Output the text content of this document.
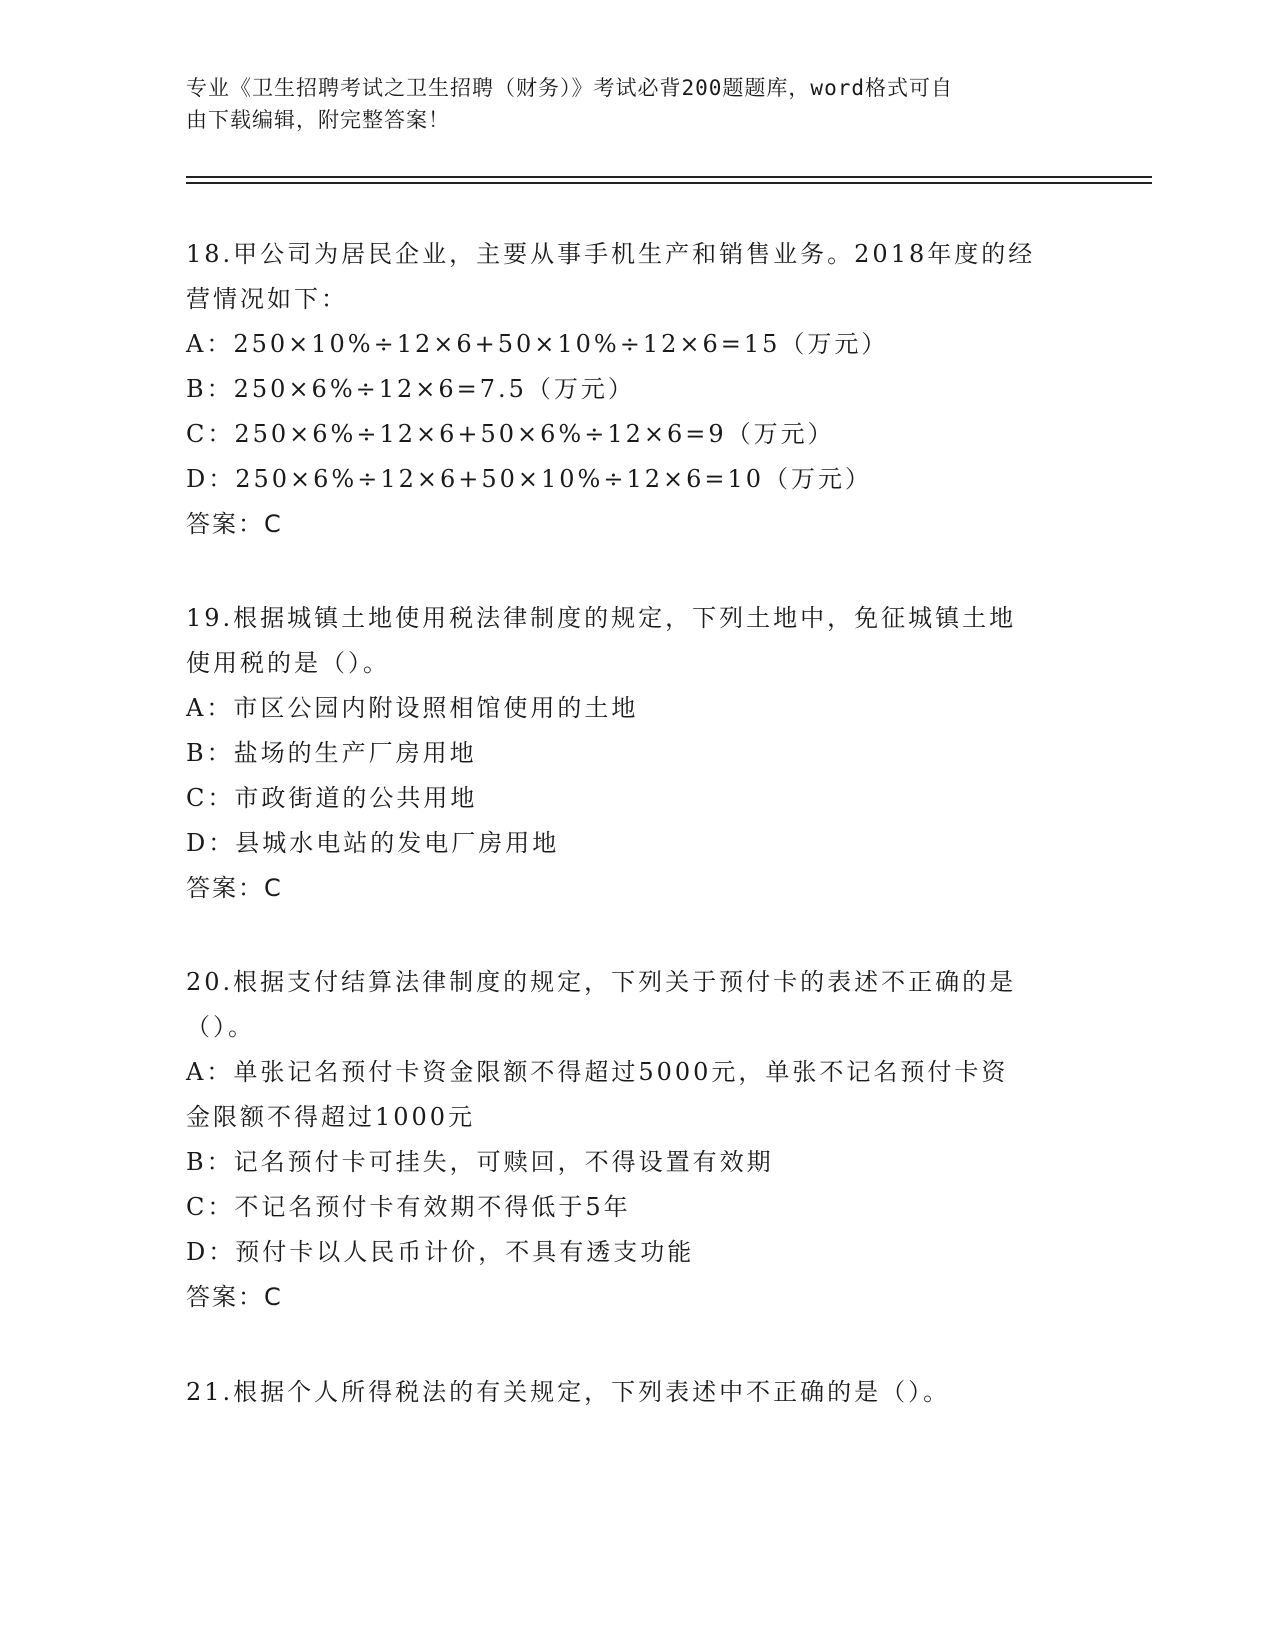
专业《卫生招聘考试之卫生招聘（财务）》考试必背200题题库，word格式可自
由下载编辑，附完整答案！
18.甲公司为居民企业，主要从事手机生产和销售业务。2018年度的经
营情况如下：
A：250×10%÷12×6+50×10%÷12×6=15（万元）
B：250×6%÷12×6=7.5（万元）
C：250×6%÷12×6+50×6%÷12×6=9（万元）
D：250×6%÷12×6+50×10%÷12×6=10（万元）
答案：C
19.根据城镇土地使用税法律制度的规定，下列土地中，免征城镇土地
使用税的是（）。
A：市区公园内附设照相馆使用的土地
B：盐场的生产厂房用地
C：市政街道的公共用地
D：县城水电站的发电厂房用地
答案：C
20.根据支付结算法律制度的规定，下列关于预付卡的表述不正确的是
（）。
A：单张记名预付卡资金限额不得超过5000元，单张不记名预付卡资
金限额不得超过1000元
B：记名预付卡可挂失，可赎回，不得设置有效期
C：不记名预付卡有效期不得低于5年
D：预付卡以人民币计价，不具有透支功能
答案：C
21.根据个人所得税法的有关规定，下列表述中不正确的是（）。
